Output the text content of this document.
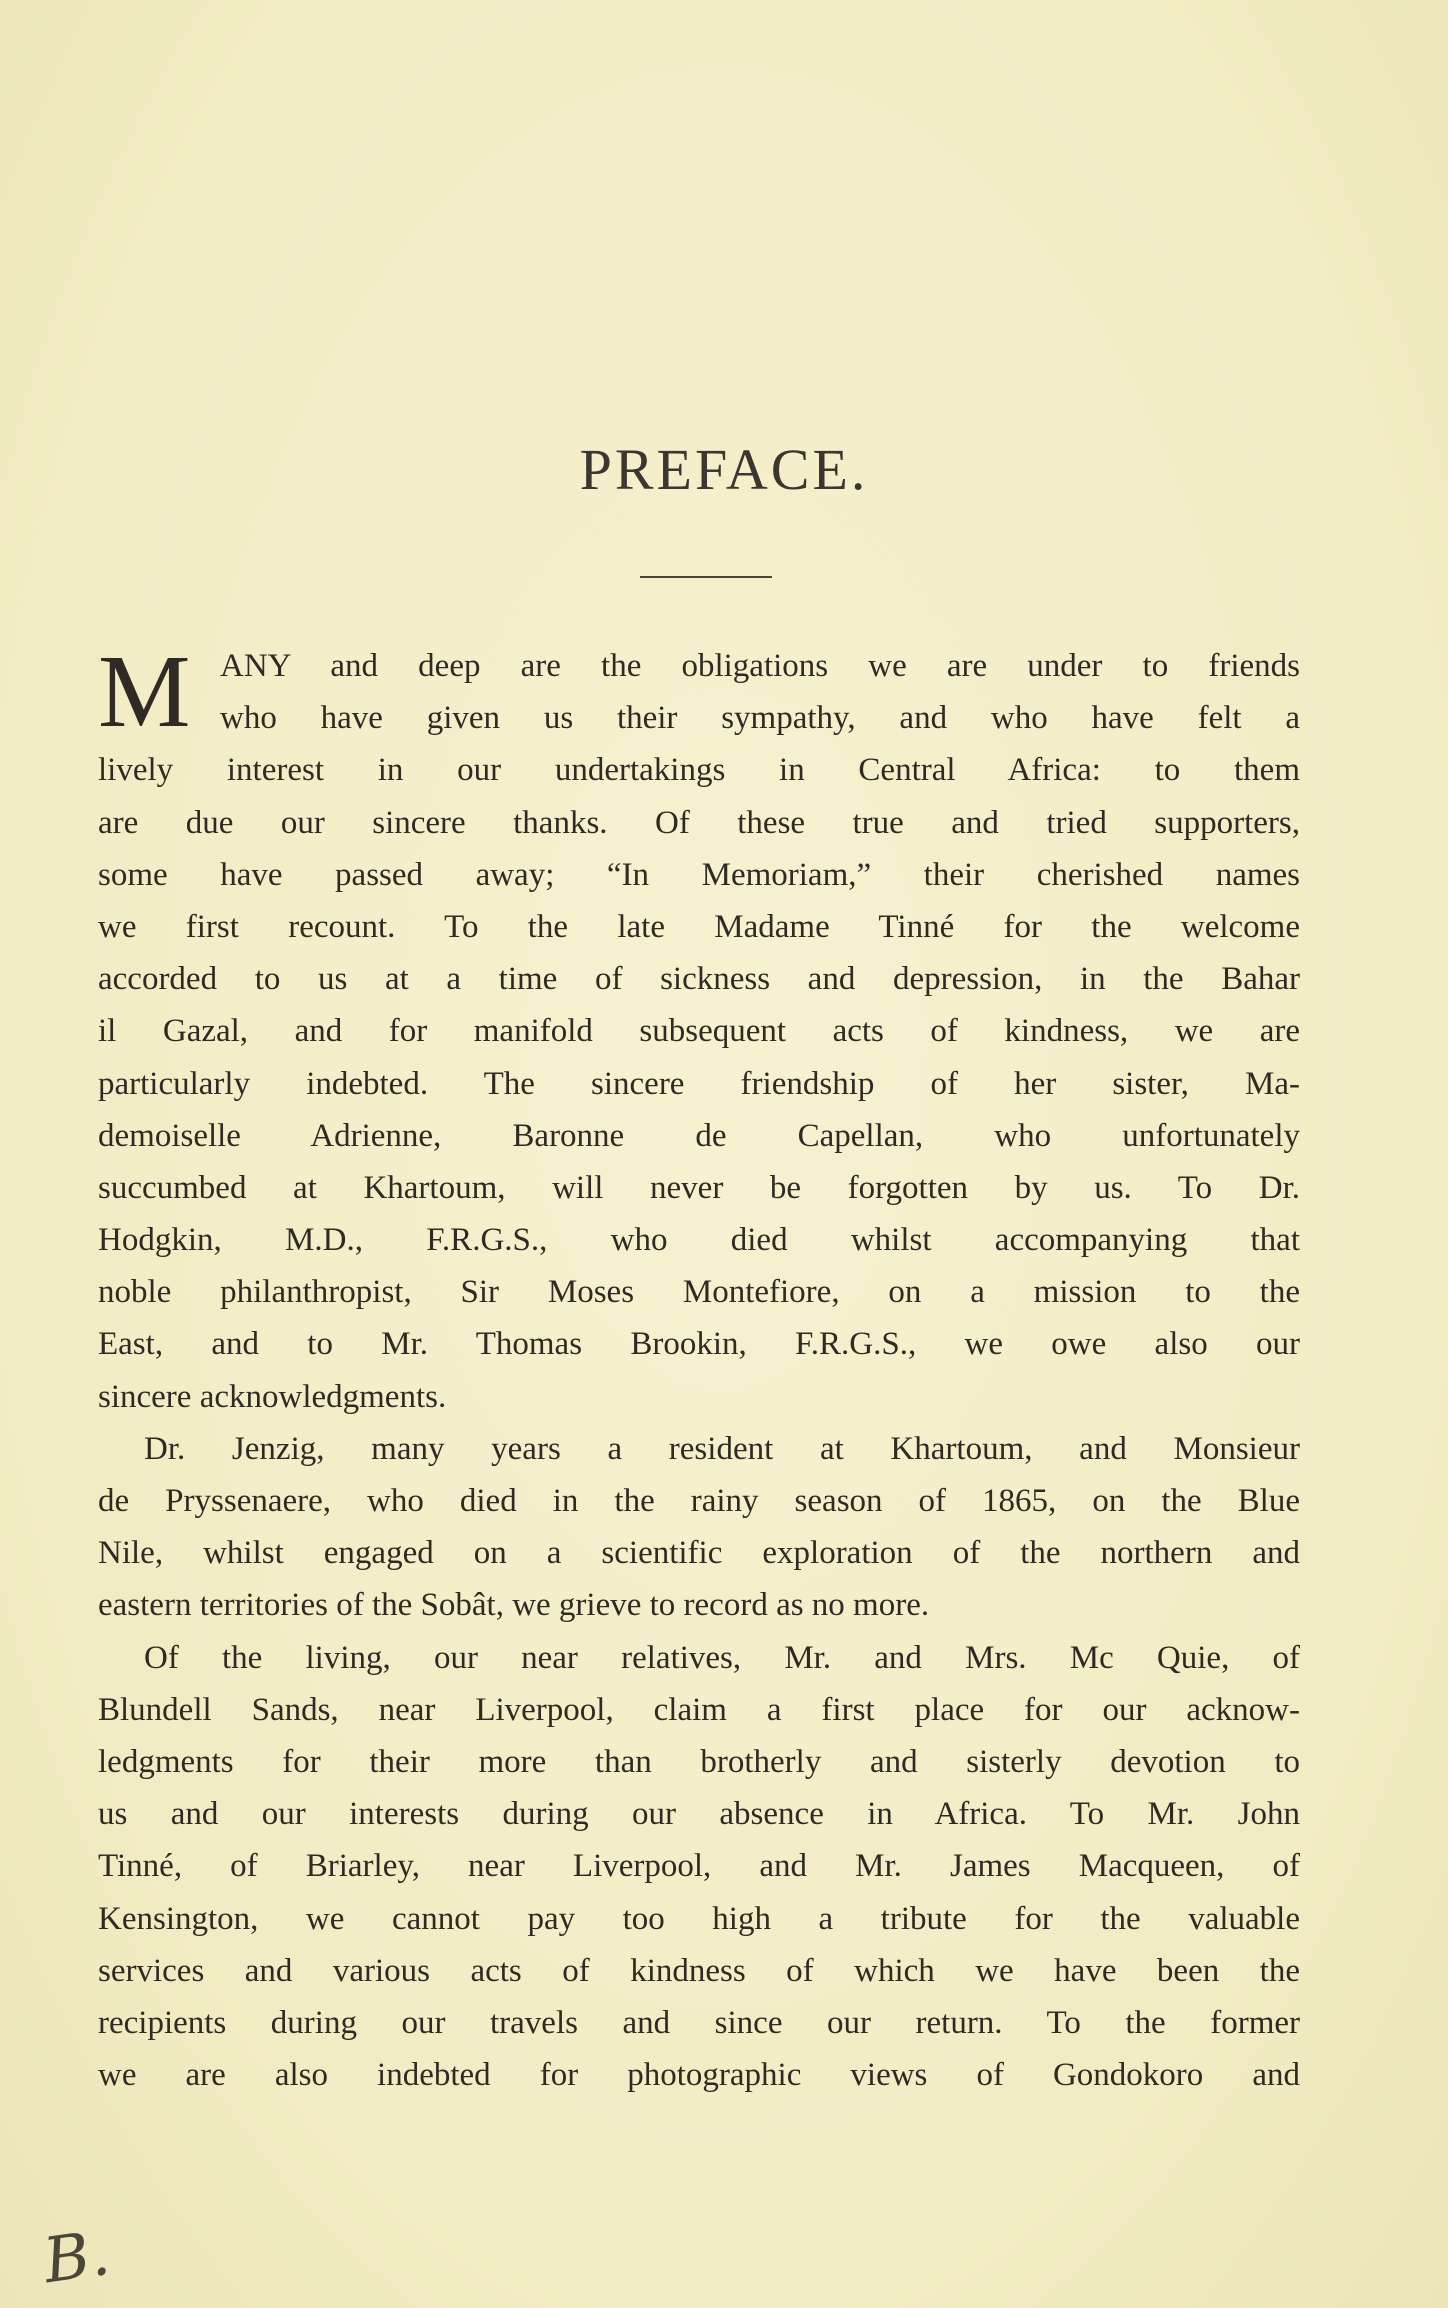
PREFACE.
M ANY and deep are the obligations we are under to friends
who have given us their sympathy, and who have felt a
lively interest in our undertakings in Central Africa: to them
are due our sincere thanks. Of these true and tried supporters,
some have passed away; “In Memoriam,” their cherished names
we first recount. To the late Madame Tinné for the welcome
accorded to us at a time of sickness and depression, in the Bahar
il Gazal, and for manifold subsequent acts of kindness, we are
particularly indebted. The sincere friendship of her sister, Ma-
demoiselle Adrienne, Baronne de Capellan, who unfortunately
succumbed at Khartoum, will never be forgotten by us. To Dr.
Hodgkin, M.D., F.R.G.S., who died whilst accompanying that
noble philanthropist, Sir Moses Montefiore, on a mission to the
East, and to Mr. Thomas Brookin, F.R.G.S., we owe also our
sincere acknowledgments.
Dr. Jenzig, many years a resident at Khartoum, and Monsieur
de Pryssenaere, who died in the rainy season of 1865, on the Blue
Nile, whilst engaged on a scientific exploration of the northern and
eastern territories of the Sobât, we grieve to record as no more.
Of the living, our near relatives, Mr. and Mrs. Mc Quie, of
Blundell Sands, near Liverpool, claim a first place for our acknow-
ledgments for their more than brotherly and sisterly devotion to
us and our interests during our absence in Africa. To Mr. John
Tinné, of Briarley, near Liverpool, and Mr. James Macqueen, of
Kensington, we cannot pay too high a tribute for the valuable
services and various acts of kindness of which we have been the
recipients during our travels and since our return. To the former
we are also indebted for photographic views of Gondokoro and
B.
